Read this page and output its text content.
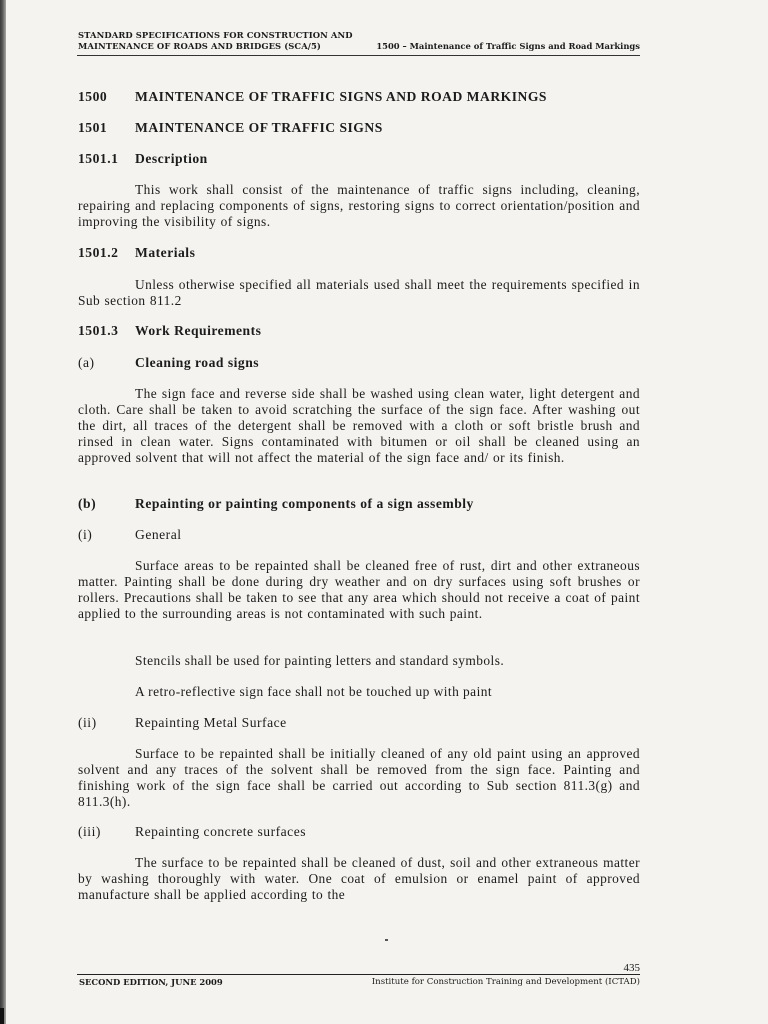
STANDARD SPECIFICATIONS FOR CONSTRUCTION AND
MAINTENANCE OF ROADS AND BRIDGES (SCA/5)	1500 – Maintenance of Traffic Signs and Road Markings
1500 MAINTENANCE OF TRAFFIC SIGNS AND ROAD MARKINGS
1501 MAINTENANCE OF TRAFFIC SIGNS
1501.1 Description
This work shall consist of the maintenance of traffic signs including, cleaning, repairing and replacing components of signs, restoring signs to correct orientation/position and improving the visibility of signs.
1501.2 Materials
Unless otherwise specified all materials used shall meet the requirements specified in Sub section 811.2
1501.3 Work Requirements
(a)	Cleaning road signs
The sign face and reverse side shall be washed using clean water, light detergent and cloth. Care shall be taken to avoid scratching the surface of the sign face. After washing out the dirt, all traces of the detergent shall be removed with a cloth or soft bristle brush and rinsed in clean water. Signs contaminated with bitumen or oil shall be cleaned using an approved solvent that will not affect the material of the sign face and/ or its finish.
(b)	Repainting or painting components of a sign assembly
(i)	General
Surface areas to be repainted shall be cleaned free of rust, dirt and other extraneous matter. Painting shall be done during dry weather and on dry surfaces using soft brushes or rollers. Precautions shall be taken to see that any area which should not receive a coat of paint applied to the surrounding areas is not contaminated with such paint.
Stencils shall be used for painting letters and standard symbols.
A retro-reflective sign face shall not be touched up with paint
(ii)	Repainting Metal Surface
Surface to be repainted shall be initially cleaned of any old paint using an approved solvent and any traces of the solvent shall be removed from the sign face. Painting and finishing work of the sign face shall be carried out according to Sub section 811.3(g) and 811.3(h).
(iii)	Repainting concrete surfaces
The surface to be repainted shall be cleaned of dust, soil and other extraneous matter by washing thoroughly with water. One coat of emulsion or enamel paint of approved manufacture shall be applied according to the
435
SECOND EDITION, JUNE 2009	Institute for Construction Training and Development (ICTAD)
